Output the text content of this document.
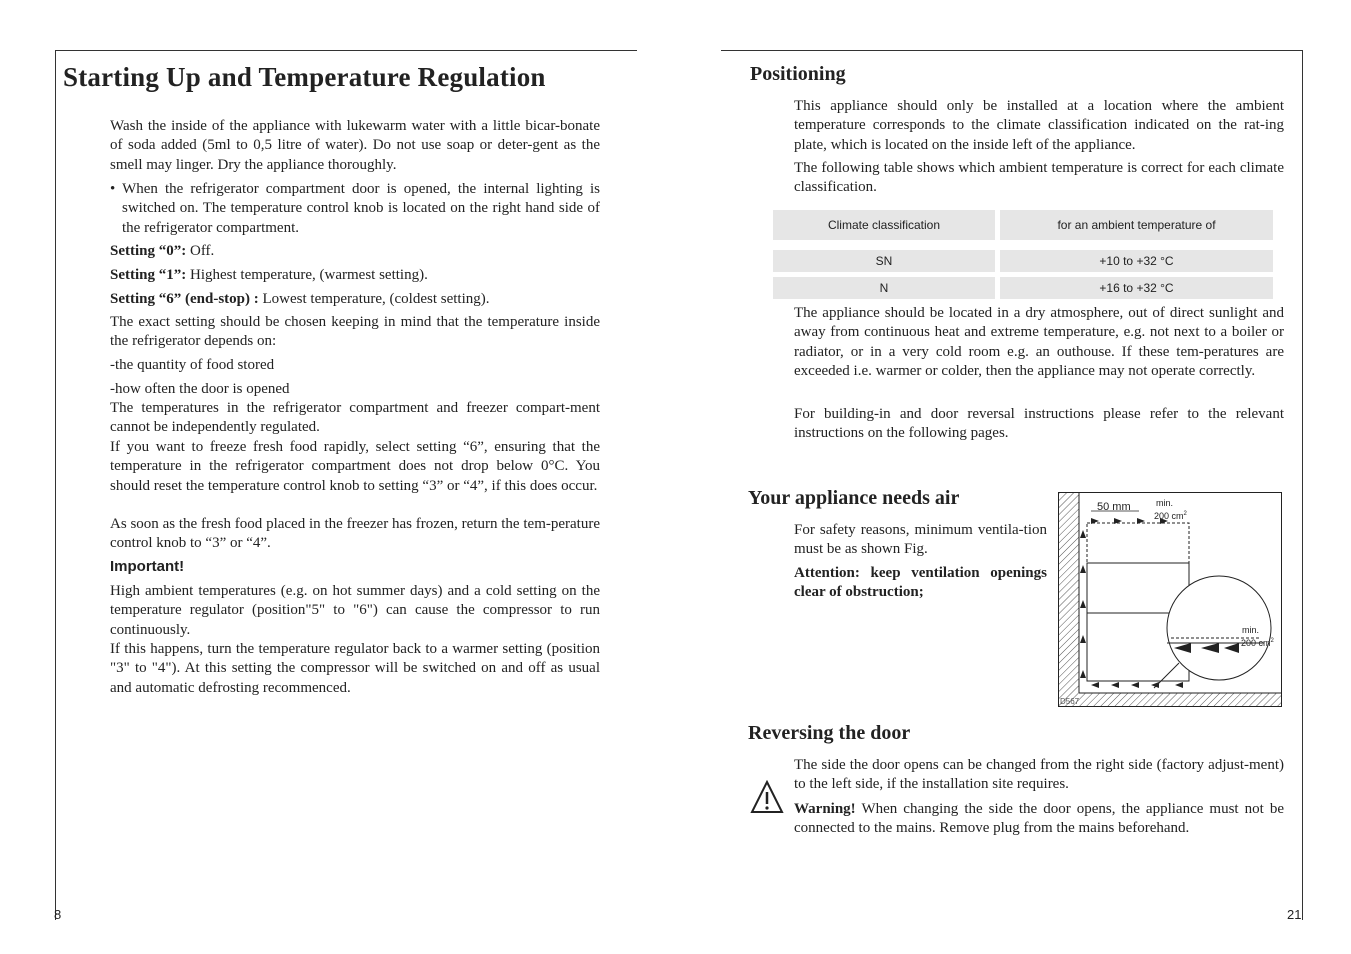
Starting Up and Temperature Regulation
Wash the inside of the appliance with lukewarm water with a little bicar-bonate of soda added (5ml to 0,5 litre of water). Do not use soap or deter-gent as the smell may linger. Dry the appliance thoroughly.
• When the refrigerator compartment door is opened, the internal lighting is switched on. The temperature control knob is located on the right hand side of the refrigerator compartment.
Setting “0”: Off.
Setting “1”: Highest temperature, (warmest setting).
Setting “6” (end-stop) : Lowest temperature, (coldest setting).
The exact setting should be chosen keeping in mind that the temperature inside the refrigerator depends on:
-the quantity of food stored
-how often the door is opened
The temperatures in the refrigerator compartment and freezer compart-ment cannot be independently regulated.
If you want to freeze fresh food rapidly, select setting “6”, ensuring that the temperature in the refrigerator compartment does not drop below 0°C. You should reset the temperature control knob to setting “3” or “4”, if this does occur.
As soon as the fresh food placed in the freezer has frozen, return the tem-perature control knob to “3” or “4”.
Important!
High ambient temperatures (e.g. on hot summer days) and a cold setting on the temperature regulator (position"5" to "6") can cause the compressor to run continuously.
If this happens, turn the temperature regulator back to a warmer setting (position "3" to "4"). At this setting the compressor will be switched on and off as usual and automatic defrosting recommenced.
8
Positioning
This appliance should only be installed at a location where the ambient temperature corresponds to the climate classification indicated on the rat-ing plate, which is located on the inside left of the appliance.
The following table shows which ambient temperature is correct for each climate classification.
Climate classification	for an ambient temperature of
SN	+10 to +32 °C
N	+16 to +32 °C
The appliance should be located in a dry atmosphere, out of direct sunlight and away from continuous heat and extreme temperature, e.g. not next to a boiler or radiator, or in a very cold room e.g. an outhouse. If these tem-peratures are exceeded i.e. warmer or colder, then the appliance may not operate correctly.
For building-in and door reversal instructions please refer to the relevant instructions on the following pages.
Your appliance needs air
For safety reasons, minimum ventila-tion must be as shown Fig.
Attention: keep ventilation openings clear of obstruction;
50 mm	min.
200 $cm^2$
min.
200 $cm^2$
D567
Reversing the door
The side the door opens can be changed from the right side (factory adjust-ment) to the left side, if the installation site requires.
Warning! When changing the side the door opens, the appliance must not be connected to the mains. Remove plug from the mains beforehand.
21
